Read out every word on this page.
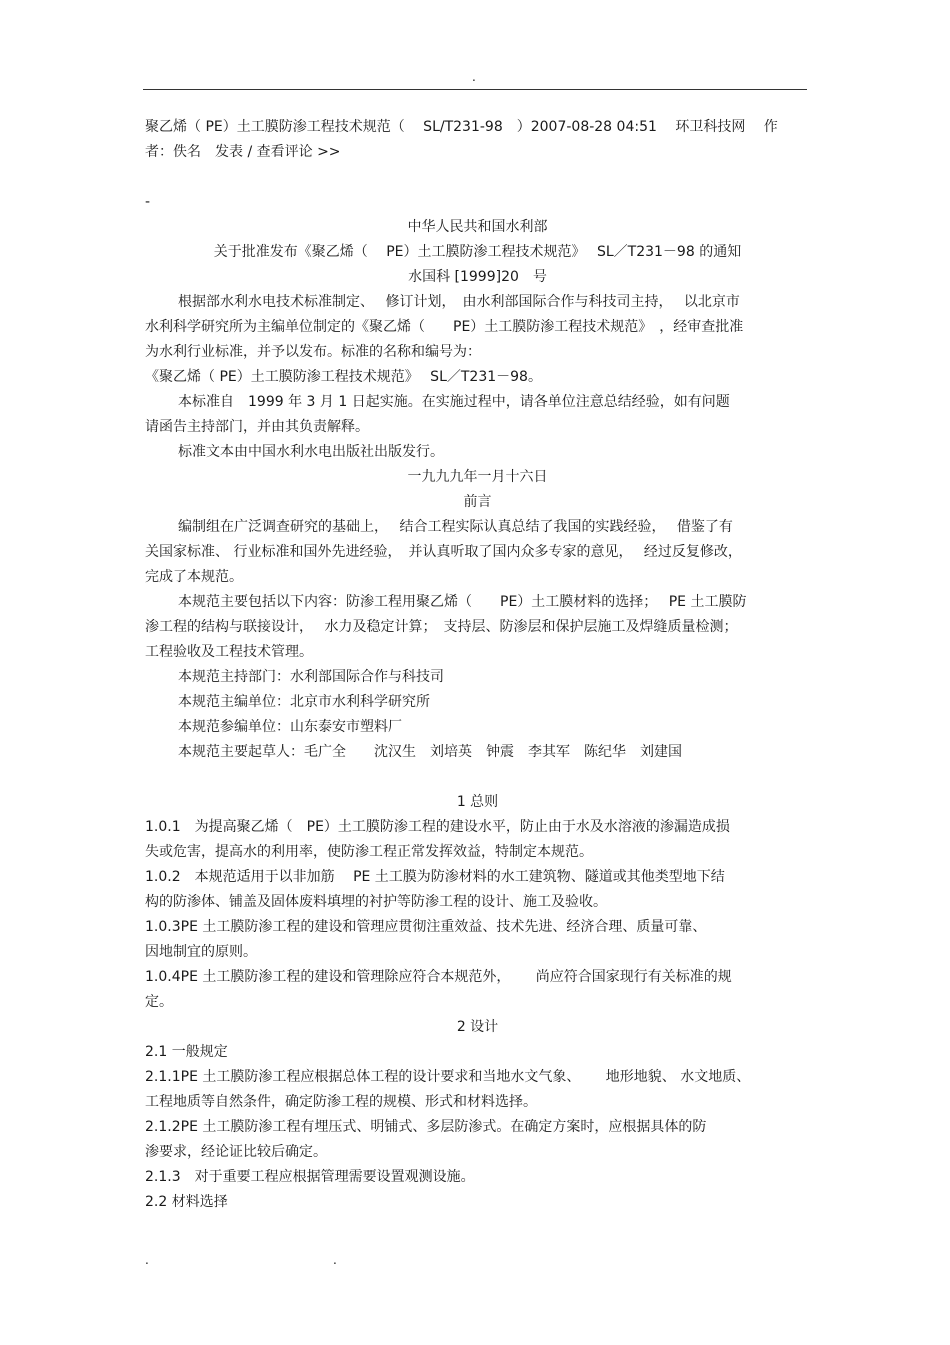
.

聚乙烯（ PE）土工膜防渗工程技术规范（　 SL/T231-98　）2007-08-28 04:51　 环卫科技网　 作

者：佚名　发表 / 查看评论 >>

-

中华人民共和国水利部

关于批准发布《聚乙烯（　 PE）土工膜防渗工程技术规范》　 SL／T231－98 的通知

水国科 [1999]20　号

根据部水利水电技术标准制定、　 修订计划，　由水利部国际合作与科技司主持，　 以北京市

水利科学研究所为主编单位制定的《聚乙烯（　　PE）土工膜防渗工程技术规范》　，经审查批准

为水利行业标准，并予以发布。标准的名称和编号为：

《聚乙烯（ PE）土工膜防渗工程技术规范》　 SL／T231－98。

本标准自　1999 年 3 月 1 日起实施。在实施过程中，请各单位注意总结经验，如有问题

请函告主持部门，并由其负责解释。

标准文本由中国水利水电出版社出版发行。

一九九九年一月十六日

前言

编制组在广泛调查研究的基础上，　 结合工程实际认真总结了我国的实践经验，　 借鉴了有

关国家标准、 行业标准和国外先进经验，　并认真听取了国内众多专家的意见，　 经过反复修改，

完成了本规范。

本规范主要包括以下内容：防渗工程用聚乙烯（　　PE）土工膜材料的选择；　 PE 土工膜防

渗工程的结构与联接设计，　 水力及稳定计算；　支持层、防渗层和保护层施工及焊缝质量检测；

工程验收及工程技术管理。

本规范主持部门：水利部国际合作与科技司

本规范主编单位：北京市水利科学研究所

本规范参编单位：山东泰安市塑料厂

本规范主要起草人：毛广全　　沈汉生　刘培英　钟震　李其军　陈纪华　刘建国

1 总则

1.0.1　为提高聚乙烯（　PE）土工膜防渗工程的建设水平，防止由于水及水溶液的渗漏造成损

失或危害，提高水的利用率，使防渗工程正常发挥效益，特制定本规范。

1.0.2　本规范适用于以非加筋　 PE 土工膜为防渗材料的水工建筑物、隧道或其他类型地下结

构的防渗体、铺盖及固体废料填埋的衬护等防渗工程的设计、施工及验收。

1.0.3PE 土工膜防渗工程的建设和管理应贯彻注重效益、技术先进、经济合理、质量可靠、

因地制宜的原则。

1.0.4PE 土工膜防渗工程的建设和管理除应符合本规范外，　　 尚应符合国家现行有关标准的规

定。

2 设计

2.1 一般规定

2.1.1PE 土工膜防渗工程应根据总体工程的设计要求和当地水文气象、　　 地形地貌、 水文地质、

工程地质等自然条件，确定防渗工程的规模、形式和材料选择。

2.1.2PE 土工膜防渗工程有埋压式、明铺式、多层防渗式。在确定方案时，应根据具体的防

渗要求，经论证比较后确定。

2.1.3　对于重要工程应根据管理需要设置观测设施。

2.2 材料选择

.	.
